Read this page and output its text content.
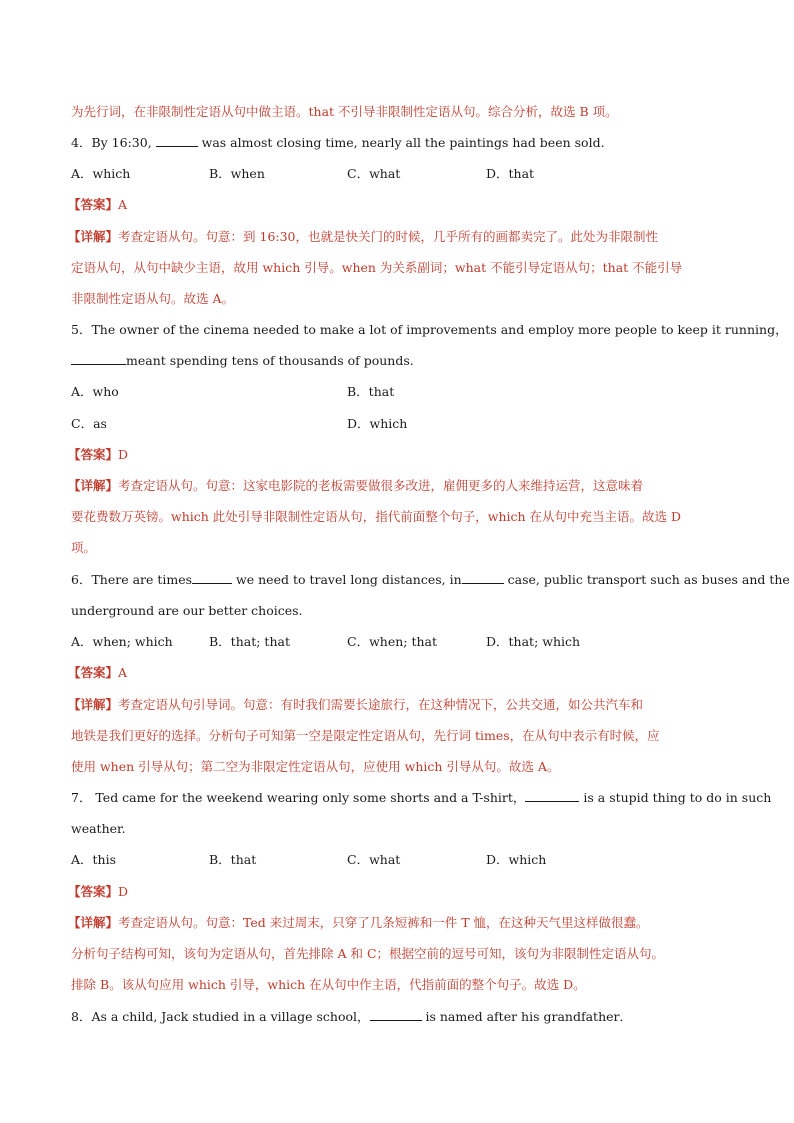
为先行词，在非限制性定语从句中做主语。that 不引导非限制性定语从句。综合分析，故选 B 项。
4．By 16:30,	was almost closing time, nearly all the paintings had been sold.
A．which	B．when	C．what	D．that
【答案】A
【详解】考查定语从句。句意：到 16:30，也就是快关门的时候，几乎所有的画都卖完了。此处为非限制性
定语从句，从句中缺少主语，故用 which 引导。when 为关系副词；what 不能引导定语从句；that 不能引导
非限制性定语从句。故选 A。
5．The owner of the cinema needed to make a lot of improvements and employ more people to keep it running，
meant spending tens of thousands of pounds.
A．who	B．that
C．as	D．which
【答案】D
【详解】考查定语从句。句意：这家电影院的老板需要做很多改进，雇佣更多的人来维持运营，这意味着
要花费数万英镑。which 此处引导非限制性定语从句，指代前面整个句子，which 在从句中充当主语。故选 D
项。
6．There are times	we need to travel long distances, in	case, public transport such as buses and the
underground are our better choices.
A．when; which	B．that; that	C．when; that	D．that; which
【答案】A
【详解】考查定语从句引导词。句意：有时我们需要长途旅行，在这种情况下，公共交通，如公共汽车和
地铁是我们更好的选择。分析句子可知第一空是限定性定语从句，先行词 times，在从句中表示有时候，应
使用 when 引导从句；第二空为非限定性定语从句，应使用 which 引导从句。故选 A。
7． Ted came for the weekend wearing only some shorts and a T-shirt，	is a stupid thing to do in such
weather.
A．this	B．that	C．what	D．which
【答案】D
【详解】考查定语从句。句意：Ted 来过周末，只穿了几条短裤和一件 T 恤，在这种天气里这样做很蠢。
分析句子结构可知，该句为定语从句，首先排除 A 和 C；根据空前的逗号可知，该句为非限制性定语从句。
排除 B。该从句应用 which 引导，which 在从句中作主语，代指前面的整个句子。故选 D。
8．As a child, Jack studied in a village school，	is named after his grandfather．
